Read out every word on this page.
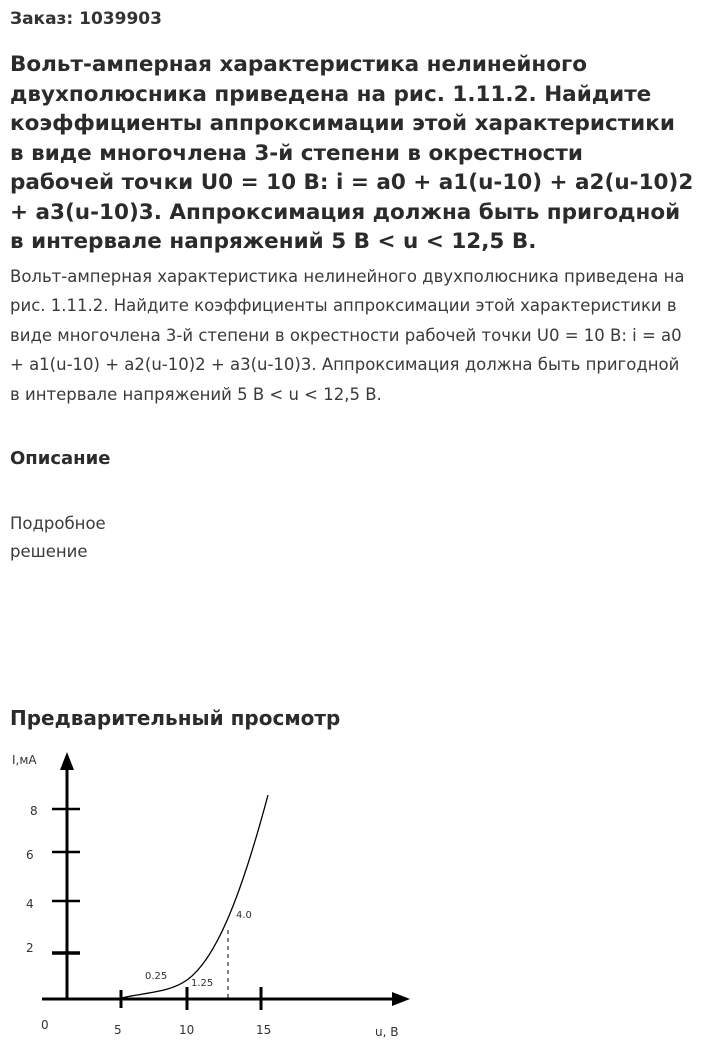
Заказ: 1039903
Вольт-амперная характеристика нелинейного двухполюсника приведена на рис. 1.11.2. Найдите коэффициенты аппроксимации этой характеристики в виде многочлена 3-й степени в окрестности рабочей точки U0 = 10 В: i = a0 + a1(u-10) + a2(u-10)2 + a3(u-10)3. Аппроксимация должна быть пригодной в интервале напряжений 5 В < u < 12,5 В.
Вольт-амперная характеристика нелинейного двухполюсника приведена на рис. 1.11.2. Найдите коэффициенты аппроксимации этой характеристики в виде многочлена 3-й степени в окрестности рабочей точки U0 = 10 В: i = a0 + a1(u-10) + a2(u-10)2 + a3(u-10)3. Аппроксимация должна быть пригодной в интервале напряжений 5 В < u < 12,5 В.
Описание
Подробное решение
Предварительный просмотр
I,мА
8
6
4
2
0	5	10	15	u, В
0.25
1.25
4.0
